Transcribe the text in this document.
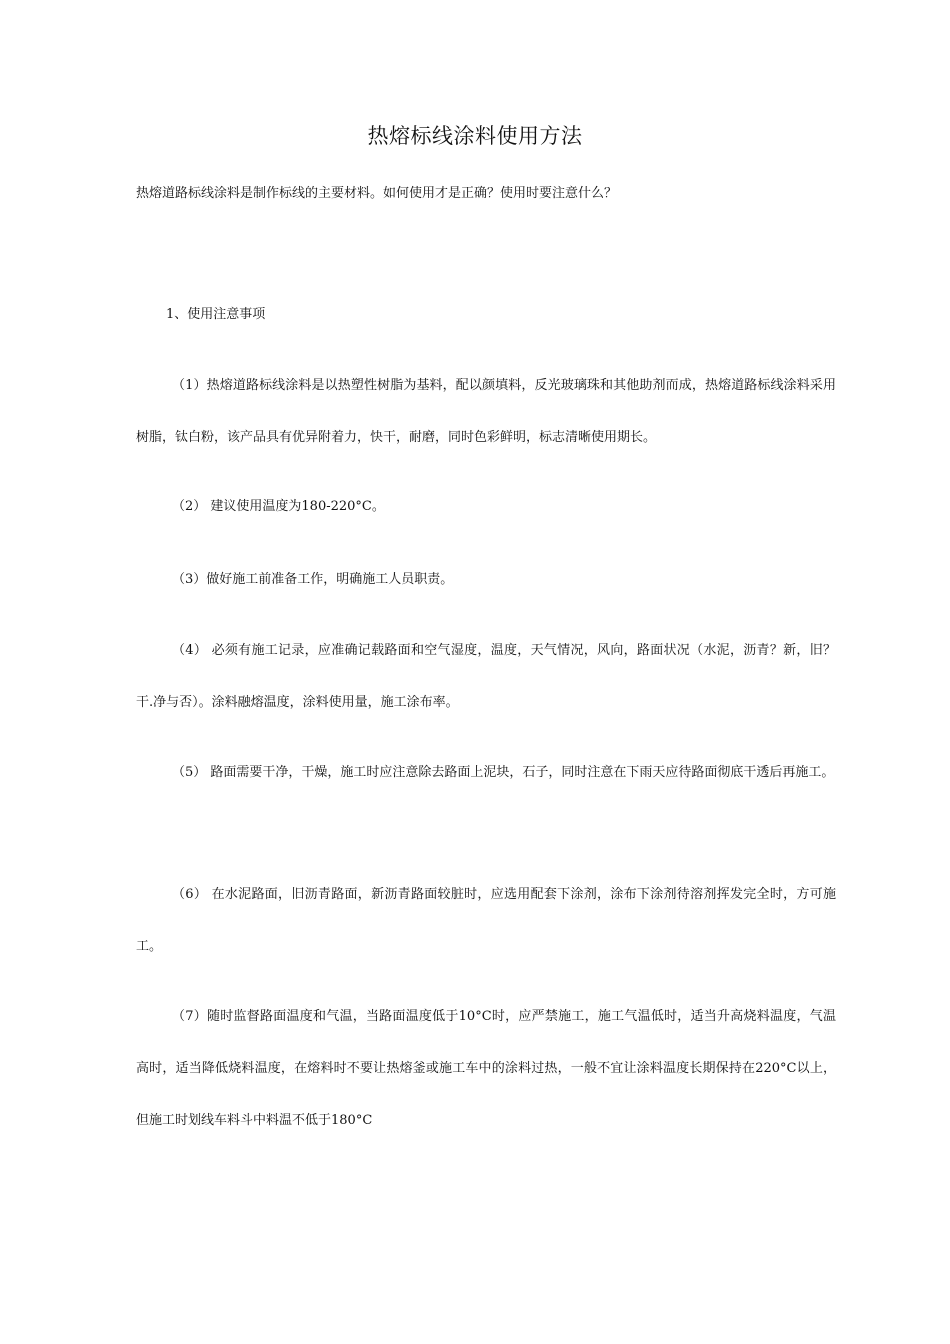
热熔标线涂料使用方法
热熔道路标线涂料是制作标线的主要材料。如何使用才是正确？使用时要注意什么？
1、使用注意事项

（1）热熔道路标线涂料是以热塑性树脂为基料，配以颜填料，反光玻璃珠和其他助剂而成，热熔道路标线涂料采用树脂，钛白粉，该产品具有优异附着力，快干，耐磨，同时色彩鲜明，标志清晰使用期长。

（2） 建议使用温度为180-220°C。

（3）做好施工前准备工作，明确施工人员职责。

（4） 必须有施工记录，应准确记载路面和空气湿度，温度，天气情况，风向，路面状况（水泥，沥青？新，旧？干.净与否）。涂料融熔温度，涂料使用量，施工涂布率。

（5） 路面需要干净，干燥，施工时应注意除去路面上泥块，石子，同时注意在下雨天应待路面彻底干透后再施工。

（6） 在水泥路面，旧沥青路面，新沥青路面较脏时，应选用配套下涂剂，涂布下涂剂待溶剂挥发完全时，方可施工。

（7）随时监督路面温度和气温，当路面温度低于10°C时，应严禁施工，施工气温低时，适当升高烧料温度，气温高时，适当降低烧料温度，在熔料时不要让热熔釜或施工车中的涂料过热，一般不宜让涂料温度长期保持在220°C以上，但施工时划线车料斗中料温不低于180°C
